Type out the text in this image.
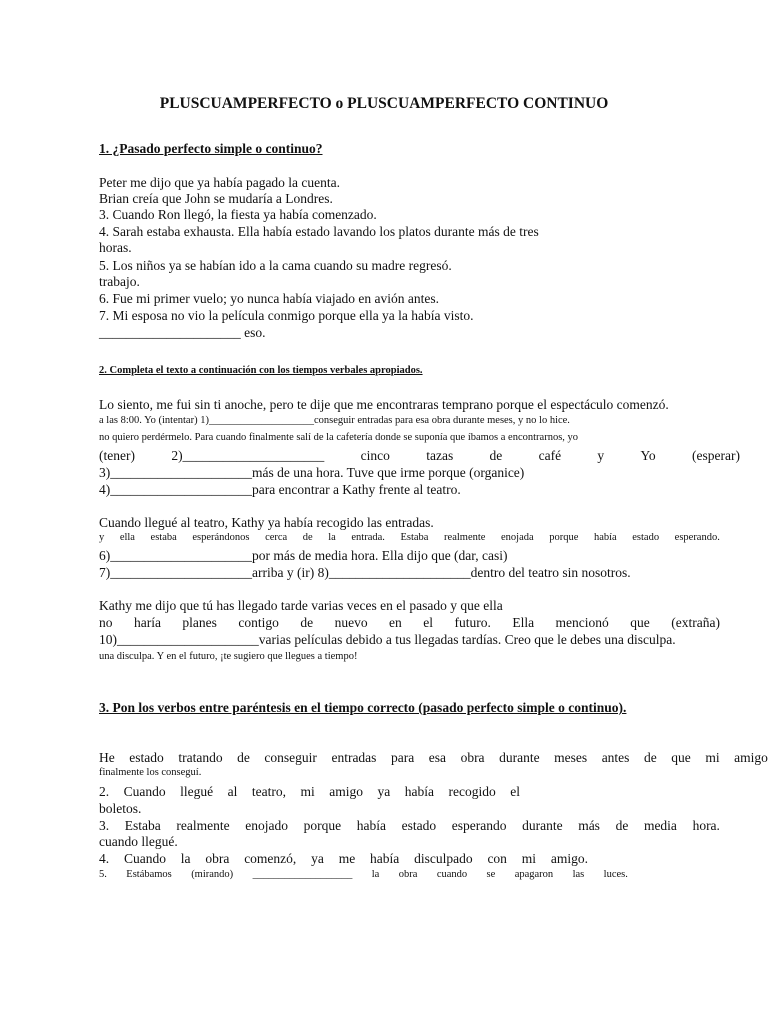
PLUSCUAMPERFECTO o PLUSCUAMPERFECTO CONTINUO
1. ¿Pasado perfecto simple o continuo?
Peter me dijo que ya había pagado la cuenta.
Brian creía que John se mudaría a Londres.
3. Cuando Ron llegó, la fiesta ya había comenzado.
4. Sarah estaba exhausta. Ella había estado lavando los platos durante más de tres
horas.
5. Los niños ya se habían ido a la cama cuando su madre regresó.
trabajo.
6. Fue mi primer vuelo; yo nunca había viajado en avión antes.
7. Mi esposa no vio la película conmigo porque ella ya la había visto.
_____________________ eso.
2. Completa el texto a continuación con los tiempos verbales apropiados.
Lo siento, me fui sin ti anoche, pero te dije que me encontraras temprano porque el espectáculo comenzó.
a las 8:00. Yo (intentar) 1)____________________conseguir entradas para esa obra durante meses, y no lo hice.
no quiero perdérmelo. Para cuando finalmente salí de la cafetería donde se suponía que íbamos a encontrarnos, yo
(tener)	2)_____________________	cinco	tazas	de	café	y	Yo	(esperar)
3)_____________________más de una hora. Tuve que irme porque (organice)
4)_____________________para encontrar a Kathy frente al teatro.
Cuando llegué al teatro, Kathy ya había recogido las entradas.
y ella estaba esperándonos cerca de la entrada. Estaba realmente enojada porque había estado esperando.
6)_____________________por más de media hora. Ella dijo que (dar, casi)
7)_____________________arriba y (ir) 8)_____________________dentro del teatro sin nosotros.
Kathy me dijo que tú has llegado tarde varias veces en el pasado y que ella
no haría planes contigo de nuevo en el futuro. Ella mencionó que (extraña)
10)_____________________varias películas debido a tus llegadas tardías. Creo que le debes una disculpa.
una disculpa. Y en el futuro, ¡te sugiero que llegues a tiempo!
3. Pon los verbos entre paréntesis en el tiempo correcto (pasado perfecto simple o continuo).
He estado tratando de conseguir entradas para esa obra durante meses antes de que mi amigo
finalmente los conseguí.
2. Cuando llegué al teatro, mi amigo ya había recogido el
boletos.
3. Estaba realmente enojado porque había estado esperando durante más de media hora.
cuando llegué.
4. Cuando la obra comenzó, ya me había disculpado con mi amigo.
5. Estábamos (mirando) ___________________ la obra cuando se apagaron las luces.
